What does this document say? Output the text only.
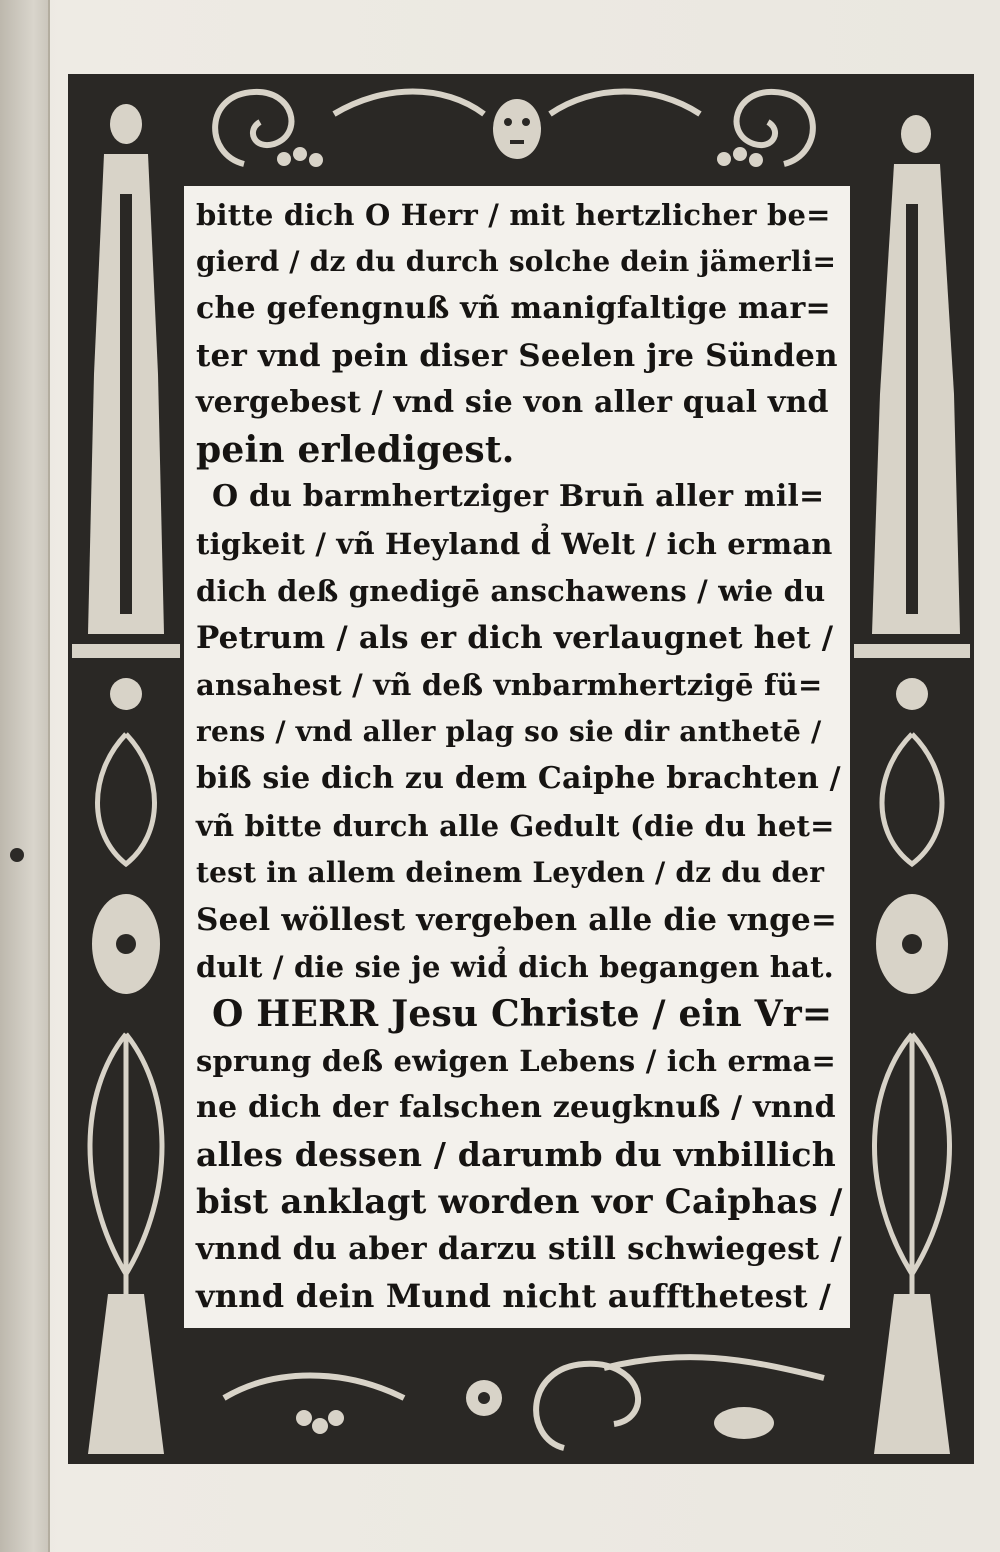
bitte dich O Herr / mit hertzlicher be=
gierd / dz du durch solche dein jämerli=
che gefengnuß vñ manigfaltige mar=
ter vnd pein diser Seelen jre Sünden
vergebest / vnd sie von aller qual vnd
pein erledigest.
O du barmhertziger Brun̄ aller mil=
tigkeit / vñ Heyland d̉ Welt / ich erman
dich deß gnedigē anschawens / wie du
Petrum / als er dich verlaugnet het /
ansahest / vñ deß vnbarmhertzigē fü=
rens / vnd aller plag so sie dir anthetē /
biß sie dich zu dem Caiphe brachten /
vñ bitte durch alle Gedult (die du het=
test in allem deinem Leyden / dz du der
Seel wöllest vergeben alle die vnge=
dult / die sie je wid̉ dich begangen hat.
O HERR Jesu Christe / ein Vr=
sprung deß ewigen Lebens / ich erma=
ne dich der falschen zeugknuß / vnnd
alles dessen / darumb du vnbillich
bist anklagt worden vor Caiphas /
vnnd du aber darzu still schwiegest /
vnnd dein Mund nicht auffthetest /
